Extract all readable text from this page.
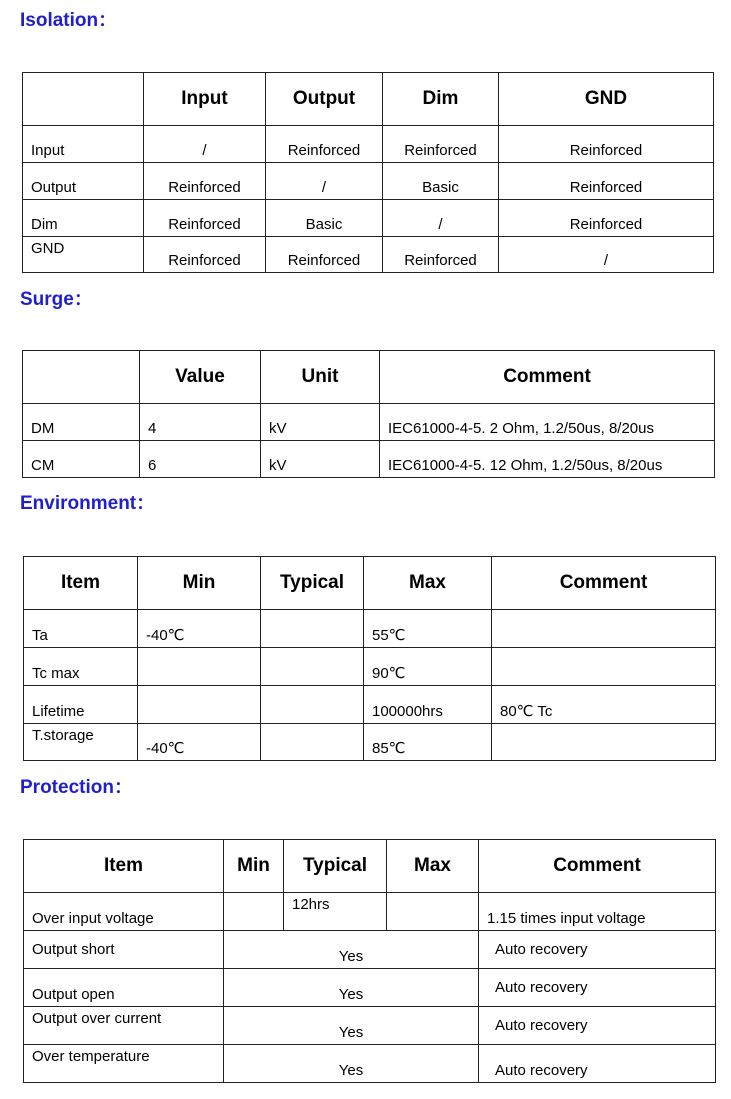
Isolation：
	Input	Output	Dim	GND
Input	/	Reinforced	Reinforced	Reinforced
Output	Reinforced	/	Basic	Reinforced
Dim	Reinforced	Basic	/	Reinforced
GND	Reinforced	Reinforced	Reinforced	/
Surge：
	Value	Unit	Comment
DM	4	kV	IEC61000-4-5. 2 Ohm, 1.2/50us, 8/20us
CM	6	kV	IEC61000-4-5. 12 Ohm, 1.2/50us, 8/20us
Environment：
Item	Min	Typical	Max	Comment
Ta	-40℃		55℃	
Tc max			90℃	
Lifetime			100000hrs	80℃ Tc
T.storage	-40℃		85℃	
Protection：
Item	Min	Typical	Max	Comment
Over input voltage		12hrs		1.15 times input voltage
Output short	Yes			Auto recovery
Output open	Yes			Auto recovery
Output over current	Yes			Auto recovery
Over temperature	Yes			Auto recovery
